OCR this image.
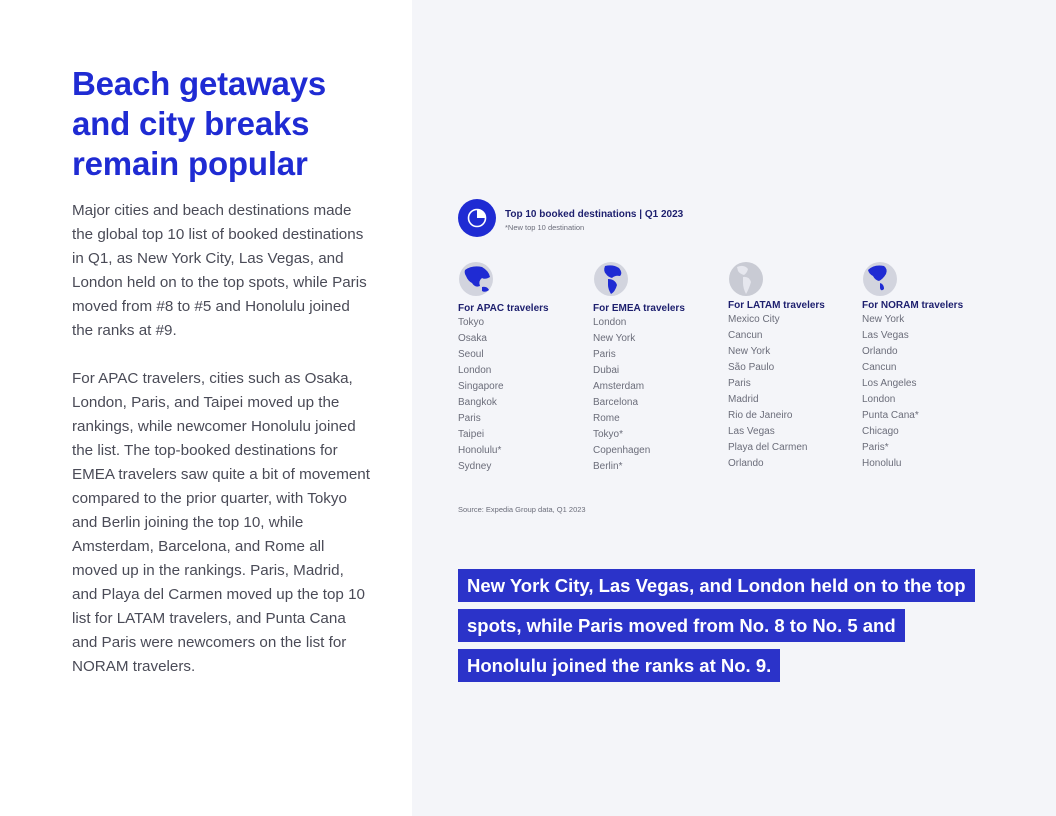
Beach getaways
and city breaks
remain popular

Major cities and beach destinations made the global top 10 list of booked destinations in Q1, as New York City, Las Vegas, and London held on to the top spots, while Paris moved from #8 to #5 and Honolulu joined the ranks at #9.

For APAC travelers, cities such as Osaka, London, Paris, and Taipei moved up the rankings, while newcomer Honolulu joined the list. The top-booked destinations for EMEA travelers saw quite a bit of movement compared to the prior quarter, with Tokyo and Berlin joining the top 10, while Amsterdam, Barcelona, and Rome all moved up in the rankings. Paris, Madrid, and Playa del Carmen moved up the top 10 list for LATAM travelers, and Punta Cana and Paris were newcomers on the list for NORAM travelers.

Top 10 booked destinations | Q1 2023

*New top 10 destination

For APAC travelers

Tokyo
Osaka
Seoul
London
Singapore
Bangkok
Paris
Taipei
Honolulu*
Sydney

For EMEA travelers

London
New York
Paris
Dubai
Amsterdam
Barcelona
Rome
Tokyo*
Copenhagen
Berlin*

For LATAM travelers

Mexico City
Cancun
New York
São Paulo
Paris
Madrid
Rio de Janeiro
Las Vegas
Playa del Carmen
Orlando

For NORAM travelers

New York
Las Vegas
Orlando
Cancun
Los Angeles
London
Punta Cana*
Chicago
Paris*
Honolulu

Source: Expedia Group data, Q1 2023

New York City, Las Vegas, and London held on to the top spots, while Paris moved from No. 8 to No. 5 and Honolulu joined the ranks at No. 9.
